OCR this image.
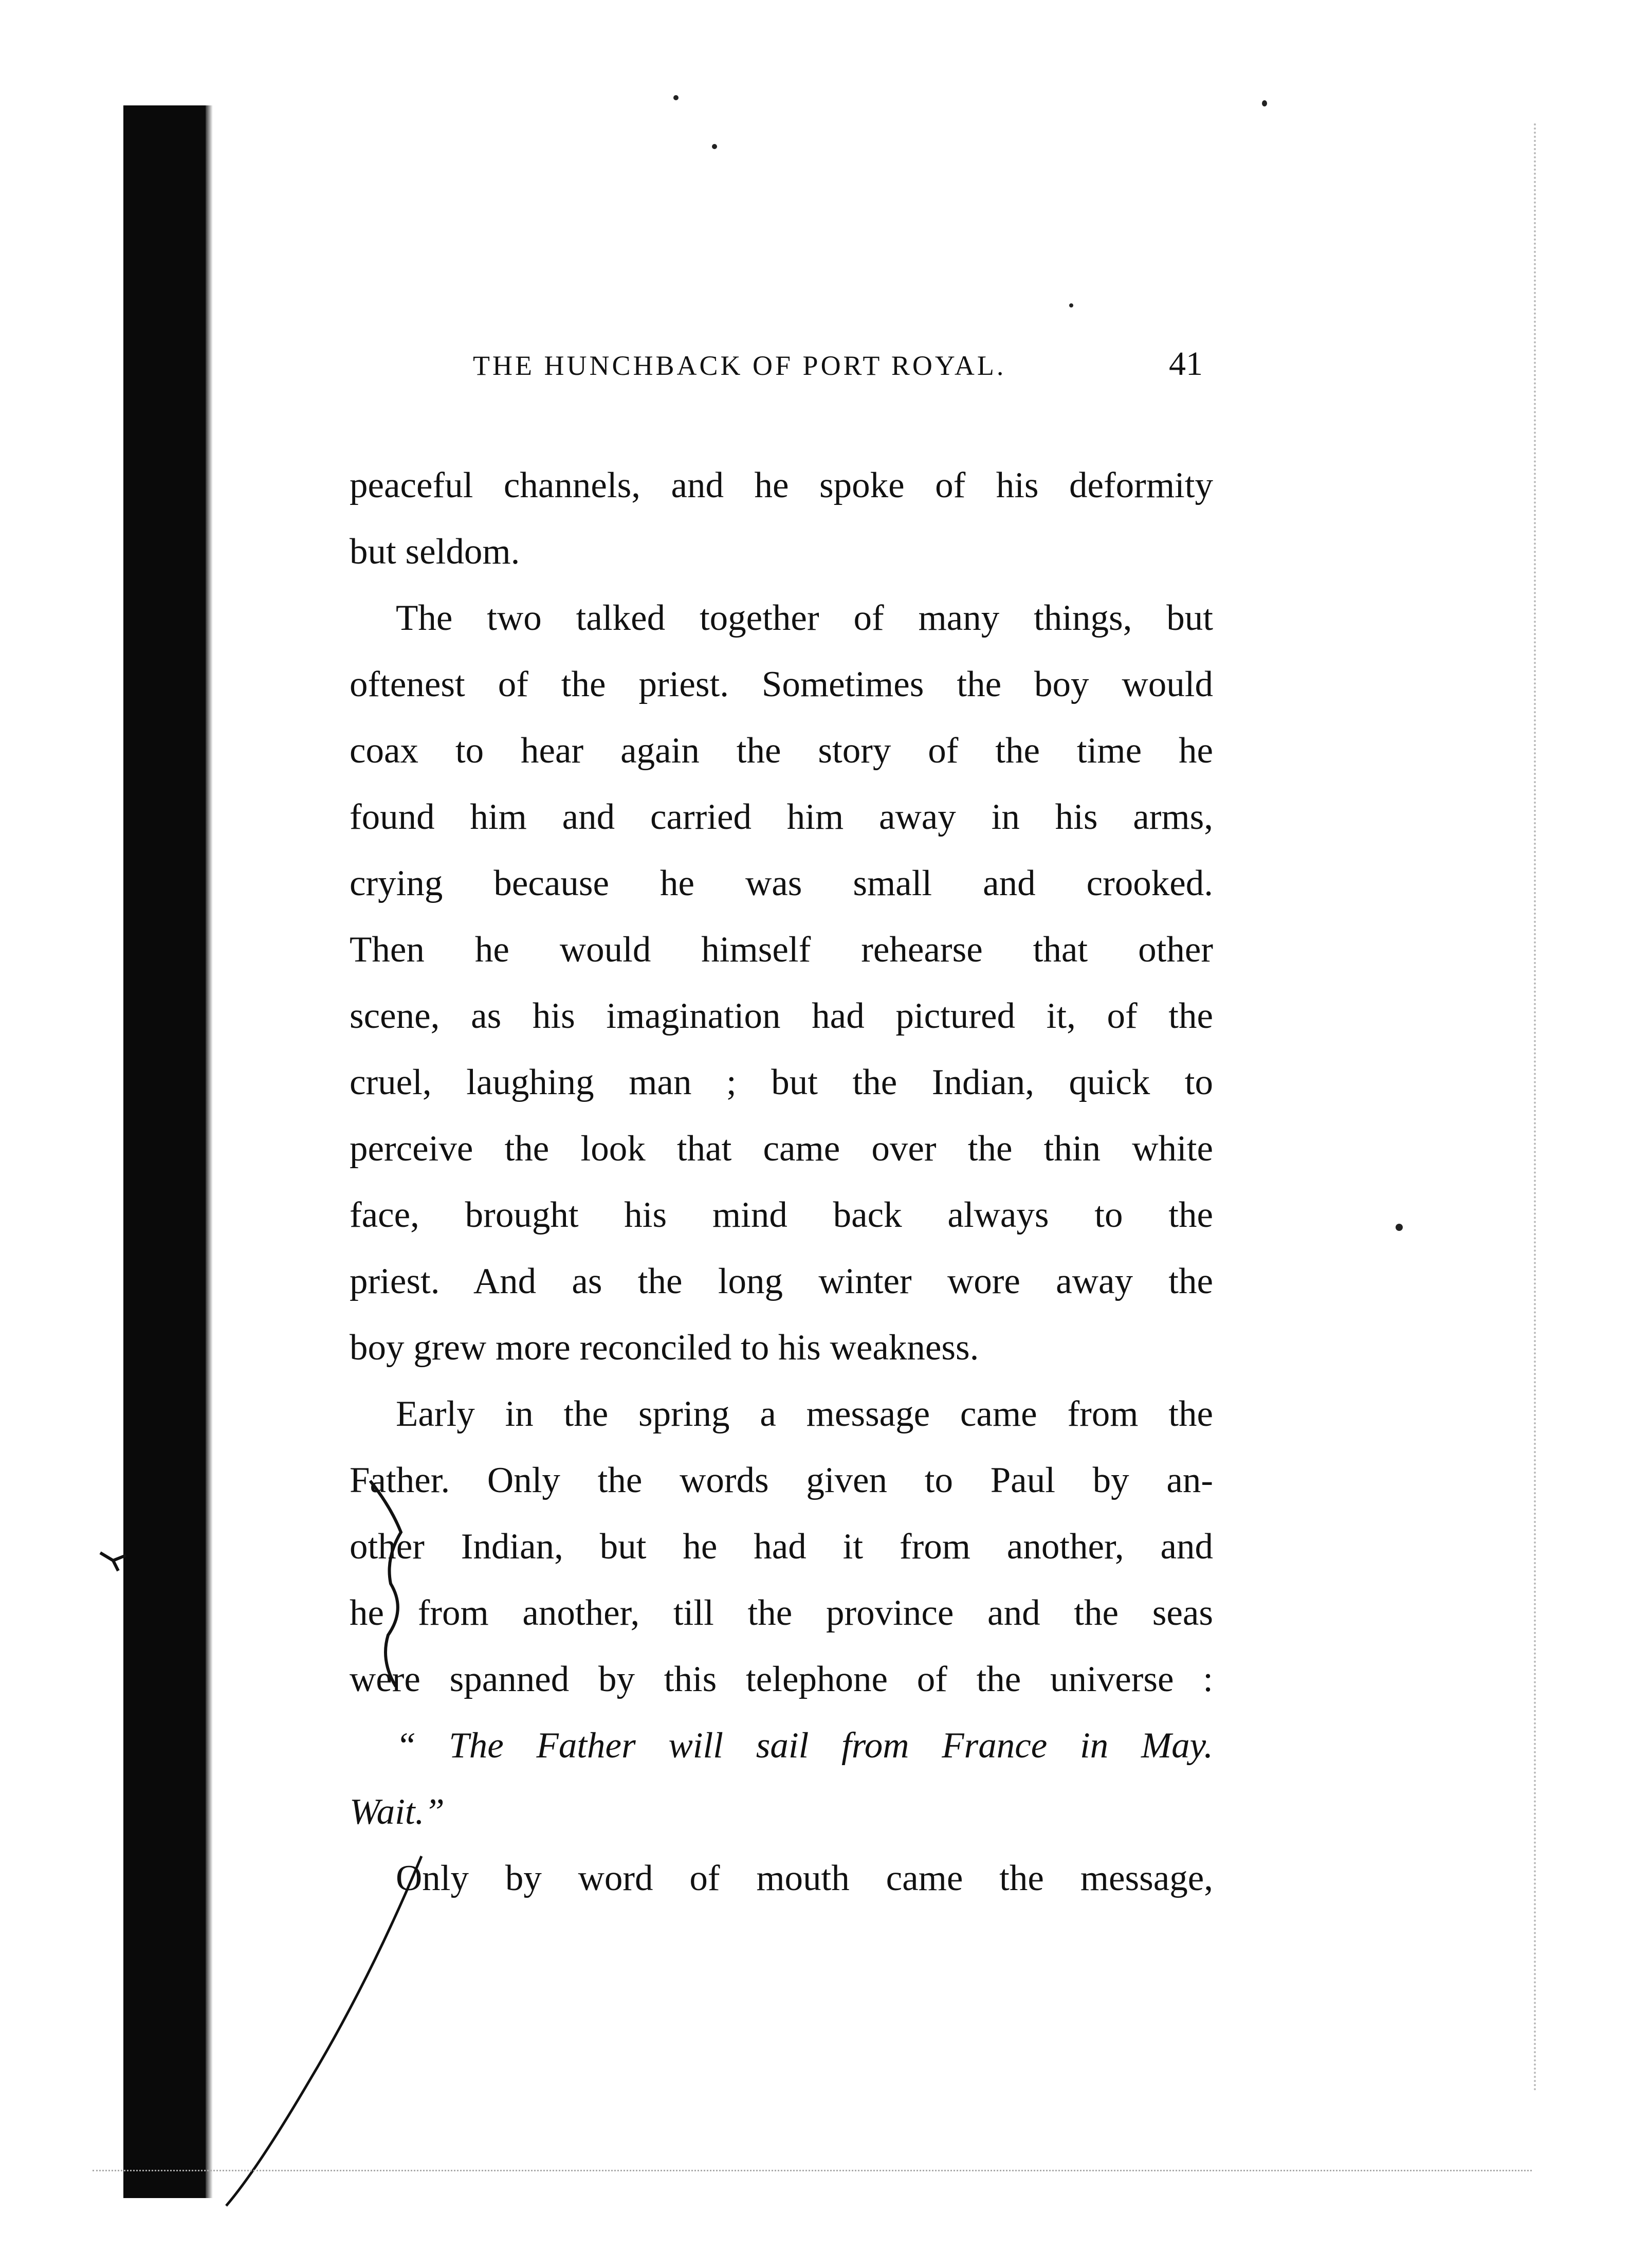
THE HUNCHBACK OF PORT ROYAL.	41

peaceful channels, and he spoke of his deformity
but seldom.

The two talked together of many things, but
oftenest of the priest. Sometimes the boy would
coax to hear again the story of the time he
found him and carried him away in his arms,
crying because he was small and crooked.
Then he would himself rehearse that other
scene, as his imagination had pictured it, of the
cruel, laughing man ; but the Indian, quick to
perceive the look that came over the thin white
face, brought his mind back always to the
priest. And as the long winter wore away the
boy grew more reconciled to his weakness.

Early in the spring a message came from the
Father. Only the words given to Paul by an-
other Indian, but he had it from another, and
he from another, till the province and the seas
were spanned by this telephone of the universe :

“ The Father will sail from France in May.
Wait.”

Only by word of mouth came the message,
